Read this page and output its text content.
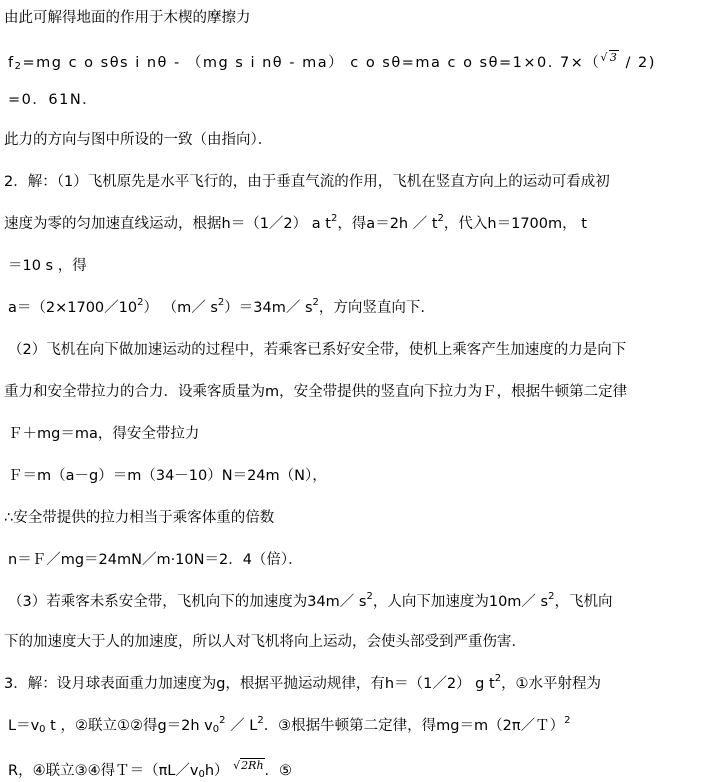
由此可解得地面的作用于木楔的摩擦力
$f_2=mg$ c o sθs i nθ - （mg s i nθ - ma） c o sθ=ma c o sθ=1×0. 7×（$^{√3}$ / 2)
=0．61N．
此力的方向与图中所设的一致（由指向）．
2．解：（1）飞机原先是水平飞行的，由于垂直气流的作用，飞机在竖直方向上的运动可看成初
速度为零的匀加速直线运动，根据h＝（1／2） a $t^2$，得a＝2h ／ $t^2$，代入h＝1700m， t
＝10 s ，得
$a=(2\times 1700/10^2)$ （m／ $s^2)=34m/$ $s^2$，方向竖直向下.
（2）飞机在向下做加速运动的过程中，若乘客已系好安全带，使机上乘客产生加速度的力是向下
重力和安全带拉力的合力．设乘客质量为m，安全带提供的竖直向下拉力为Ｆ，根据牛顿第二定律
Ｆ＋mg＝ma，得安全带拉力
Ｆ＝m（a－g）＝m（34－10）N＝24m（N），
∴安全带提供的拉力相当于乘客体重的倍数
n＝Ｆ／mg＝24mN／m·10N＝2．4（倍）．
（3）若乘客未系安全带，飞机向下的加速度为34m／ $s^2$，人向下加速度为10m／ $s^2$，飞机向
下的加速度大于人的加速度，所以人对飞机将向上运动，会使头部受到严重伤害．
3．解：设月球表面重力加速度为g，根据平抛运动规律，有h＝（1／2） g $t^2$，①水平射程为
$L=v_0$ t ，②联立①②得g＝2h $v_0^2$ ／ $L^2$．③根据牛顿第二定律，得mg＝m（2π／Ｔ）$^2$
R，④联立③④得$T=(\pi L/v_0h)$ $^{√2Rh}$．⑤
